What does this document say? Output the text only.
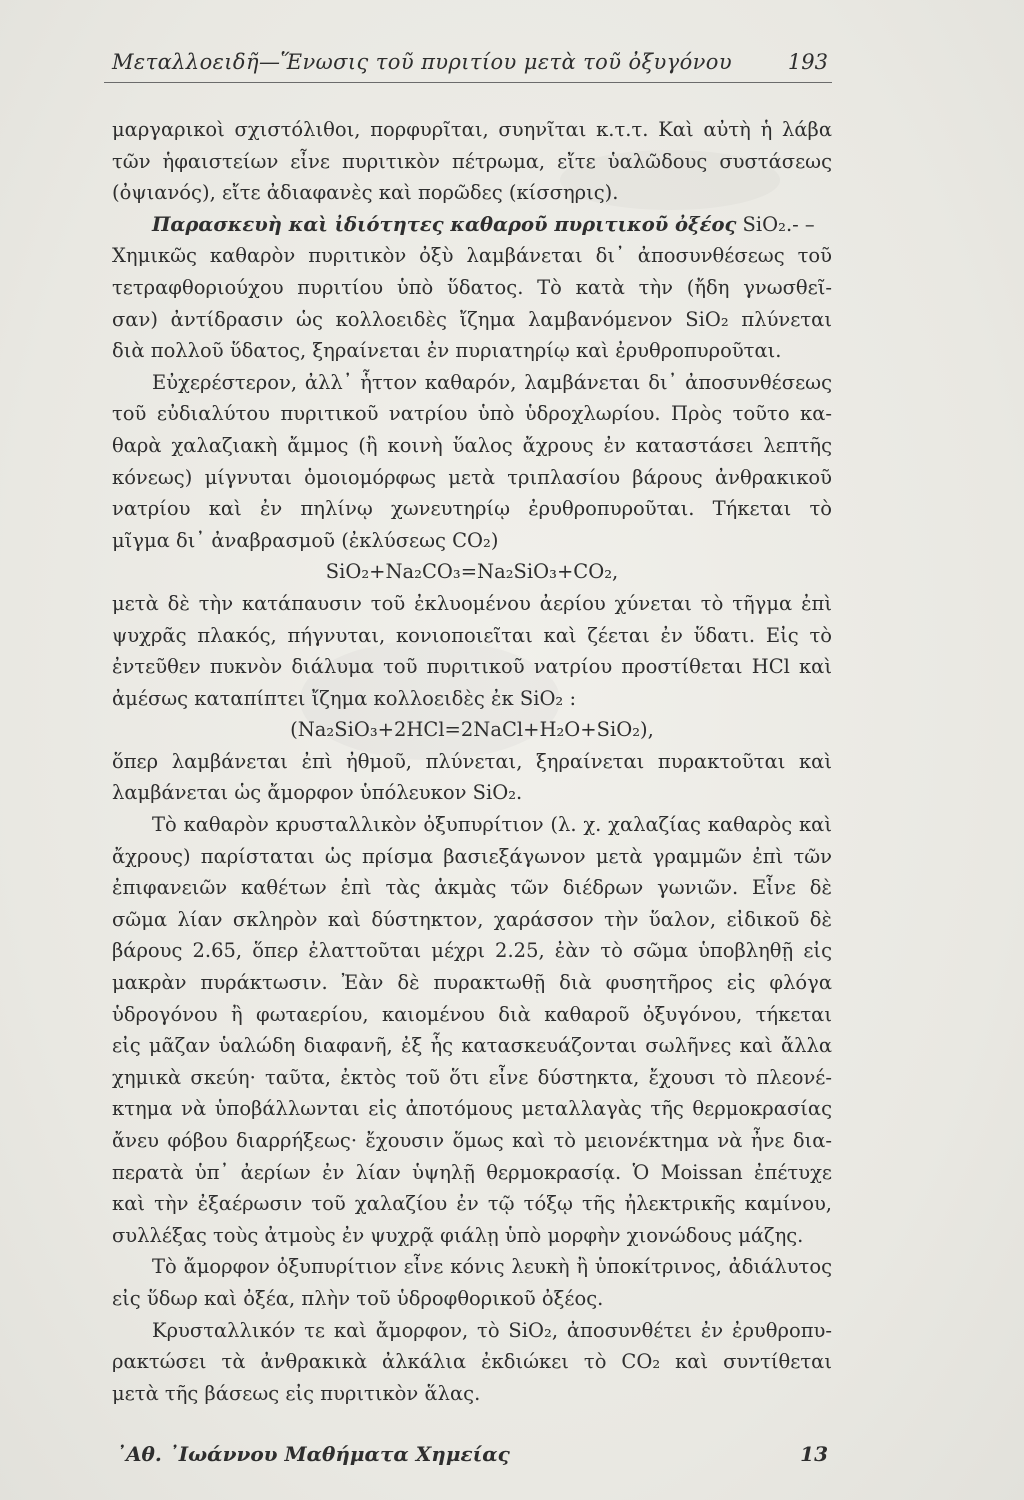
Μεταλλοειδῆ—Ἕνωσις τοῦ πυριτίου μετὰ τοῦ ὀξυγόνου	193
μαργαρικοὶ σχιστόλιθοι, πορφυρῖται, συηνῖται κ.τ.τ. Καὶ αὐτὴ ἡ λάβα
τῶν ἡφαιστείων εἶνε πυριτικὸν πέτρωμα, εἴτε ὑαλῶδους συστάσεως
(ὀψιανός), εἴτε ἀδιαφανὲς καὶ πορῶδες (κίσσηρις).
Παρασκευὴ καὶ ἰδιότητες καθαροῦ πυριτικοῦ ὀξέος SiO₂.- –
Χημικῶς καθαρὸν πυριτικὸν ὀξὺ λαμβάνεται δι᾽ ἀποσυνθέσεως τοῦ
τετραφθοριούχου πυριτίου ὑπὸ ὕδατος. Τὸ κατὰ τὴν (ἤδη γνωσθεῖ-
σαν) ἀντίδρασιν ὡς κολλοειδὲς ἴζημα λαμβανόμενον SiO₂ πλύνεται
διὰ πολλοῦ ὕδατος, ξηραίνεται ἐν πυριατηρίῳ καὶ ἐρυθροπυροῦται.
Εὐχερέστερον, ἀλλ᾽ ἧττον καθαρόν, λαμβάνεται δι᾽ ἀποσυνθέσεως
τοῦ εὐδιαλύτου πυριτικοῦ νατρίου ὑπὸ ὑδροχλωρίου. Πρὸς τοῦτο κα-
θαρὰ χαλαζιακὴ ἄμμος (ἢ κοινὴ ὕαλος ἄχρους ἐν καταστάσει λεπτῆς
κόνεως) μίγνυται ὁμοιομόρφως μετὰ τριπλασίου βάρους ἀνθρακικοῦ
νατρίου καὶ ἐν πηλίνῳ χωνευτηρίῳ ἐρυθροπυροῦται. Τήκεται τὸ
μῖγμα δι᾽ ἀναβρασμοῦ (ἐκλύσεως CO₂)
SiO₂+Na₂CO₃=Na₂SiO₃+CO₂,
μετὰ δὲ τὴν κατάπαυσιν τοῦ ἐκλυομένου ἀερίου χύνεται τὸ τῆγμα ἐπὶ
ψυχρᾶς πλακός, πήγνυται, κονιοποιεῖται καὶ ζέεται ἐν ὕδατι. Εἰς τὸ
ἐντεῦθεν πυκνὸν διάλυμα τοῦ πυριτικοῦ νατρίου προστίθεται HCl καὶ
ἀμέσως καταπίπτει ἴζημα κολλοειδὲς ἐκ SiO₂ :
(Na₂SiO₃+2HCl=2NaCl+H₂O+SiO₂),
ὅπερ λαμβάνεται ἐπὶ ἠθμοῦ, πλύνεται, ξηραίνεται πυρακτοῦται καὶ
λαμβάνεται ὡς ἄμορφον ὑπόλευκον SiO₂.
Τὸ καθαρὸν κρυσταλλικὸν ὀξυπυρίτιον (λ. χ. χαλαζίας καθαρὸς καὶ
ἄχρους) παρίσταται ὡς πρίσμα βασιεξάγωνον μετὰ γραμμῶν ἐπὶ τῶν
ἐπιφανειῶν καθέτων ἐπὶ τὰς ἀκμὰς τῶν διέδρων γωνιῶν. Εἶνε δὲ
σῶμα λίαν σκληρὸν καὶ δύστηκτον, χαράσσον τὴν ὕαλον, εἰδικοῦ δὲ
βάρους 2.65, ὅπερ ἐλαττοῦται μέχρι 2.25, ἐὰν τὸ σῶμα ὑποβληθῇ εἰς
μακρὰν πυράκτωσιν. Ἐὰν δὲ πυρακτωθῇ διὰ φυσητῆρος εἰς φλόγα
ὑδρογόνου ἢ φωταερίου, καιομένου διὰ καθαροῦ ὀξυγόνου, τήκεται
εἰς μᾶζαν ὑαλώδη διαφανῆ, ἐξ ἧς κατασκευάζονται σωλῆνες καὶ ἄλλα
χημικὰ σκεύη· ταῦτα, ἐκτὸς τοῦ ὅτι εἶνε δύστηκτα, ἔχουσι τὸ πλεονέ-
κτημα νὰ ὑποβάλλωνται εἰς ἀποτόμους μεταλλαγὰς τῆς θερμοκρασίας
ἄνευ φόβου διαρρήξεως· ἔχουσιν ὅμως καὶ τὸ μειονέκτημα νὰ ἦνε δια-
περατὰ ὑπ᾽ ἀερίων ἐν λίαν ὑψηλῇ θερμοκρασίᾳ. Ὁ Moissan ἐπέτυχε
καὶ τὴν ἐξαέρωσιν τοῦ χαλαζίου ἐν τῷ τόξῳ τῆς ἠλεκτρικῆς καμίνου,
συλλέξας τοὺς ἀτμοὺς ἐν ψυχρᾷ φιάλῃ ὑπὸ μορφὴν χιονώδους μάζης.
Τὸ ἄμορφον ὀξυπυρίτιον εἶνε κόνις λευκὴ ἢ ὑποκίτρινος, ἀδιάλυτος
εἰς ὕδωρ καὶ ὀξέα, πλὴν τοῦ ὑδροφθορικοῦ ὀξέος.
Κρυσταλλικόν τε καὶ ἄμορφον, τὸ SiO₂, ἀποσυνθέτει ἐν ἐρυθροπυ-
ρακτώσει τὰ ἀνθρακικὰ ἀλκάλια ἐκδιώκει τὸ CO₂ καὶ συντίθεται
μετὰ τῆς βάσεως εἰς πυριτικὸν ἅλας.
᾿Αθ. ᾿Ιωάννου Μαθήματα Χημείας	13
